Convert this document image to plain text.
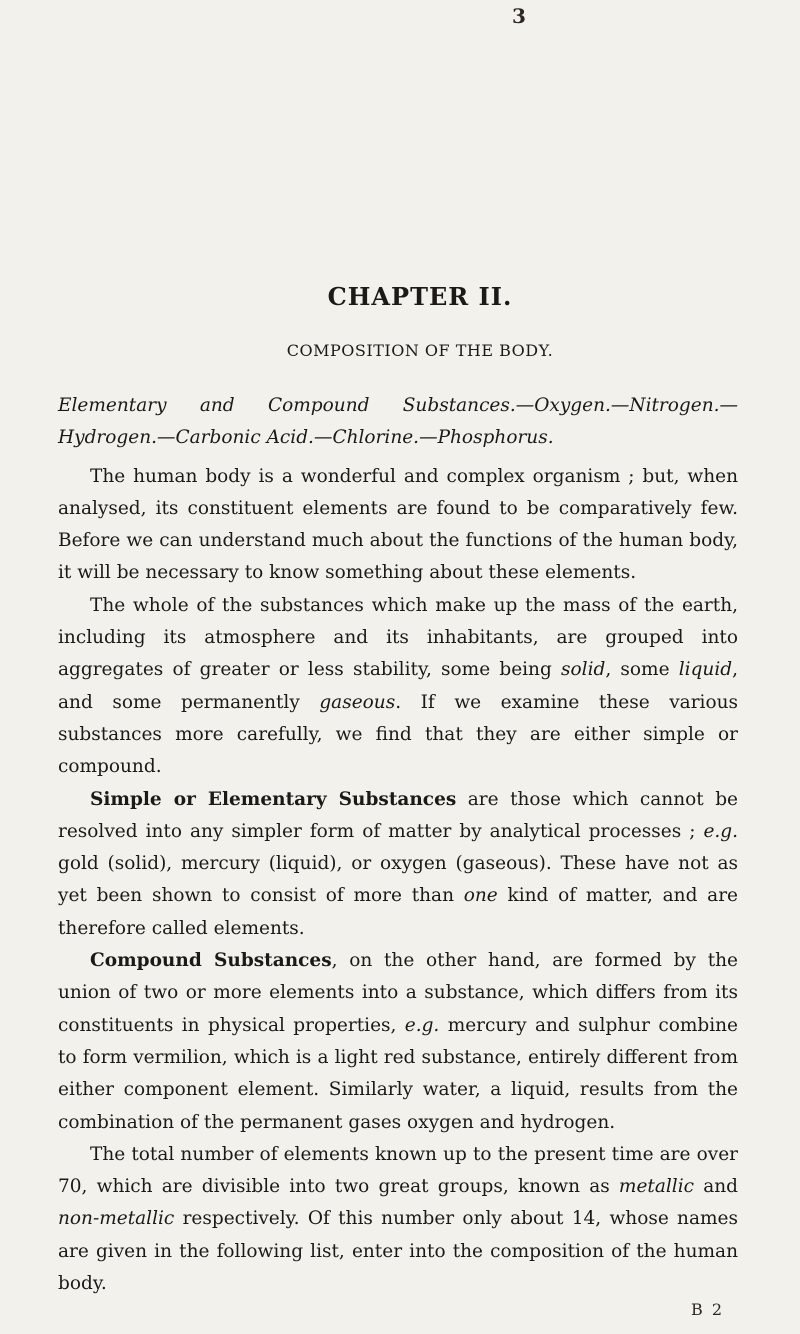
3
CHAPTER II.
COMPOSITION OF THE BODY.

Elementary and Compound Substances.—Oxygen.—Nitrogen.—Hydrogen.—Carbonic Acid.—Chlorine.—Phosphorus.

The human body is a wonderful and complex organism ; but, when analysed, its constituent elements are found to be comparatively few. Before we can understand much about the functions of the human body, it will be necessary to know something about these elements.

The whole of the substances which make up the mass of the earth, including its atmosphere and its inhabitants, are grouped into aggregates of greater or less stability, some being solid, some liquid, and some permanently gaseous. If we examine these various substances more carefully, we find that they are either simple or compound.

Simple or Elementary Substances are those which cannot be resolved into any simpler form of matter by analytical processes ; e.g. gold (solid), mercury (liquid), or oxygen (gaseous). These have not as yet been shown to consist of more than one kind of matter, and are therefore called elements.

Compound Substances, on the other hand, are formed by the union of two or more elements into a substance, which differs from its constituents in physical properties, e.g. mercury and sulphur combine to form vermilion, which is a light red substance, entirely different from either component element. Similarly water, a liquid, results from the combination of the permanent gases oxygen and hydrogen.

The total number of elements known up to the present time are over 70, which are divisible into two great groups, known as metallic and non-metallic respectively. Of this number only about 14, whose names are given in the following list, enter into the composition of the human body.

B 2
